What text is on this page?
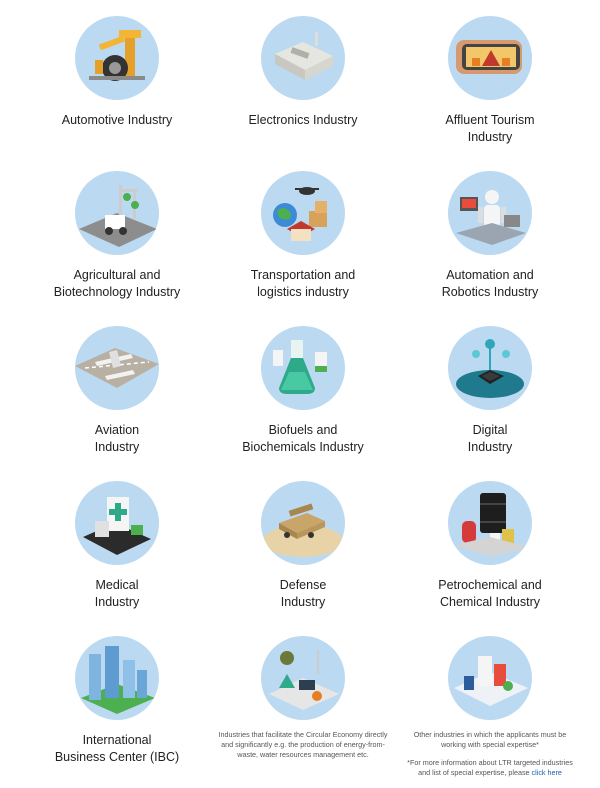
Automotive Industry	Electronics Industry	Affluent Tourism
Industry
Agricultural and
Biotechnology Industry
Transportation and
logistics industry
Automation and
Robotics Industry
Aviation
Industry
Biofuels and
Biochemicals Industry
Digital
Industry
Medical
Industry
Defense
Industry
Petrochemical and
Chemical Industry
International
Business Center (IBC)
Industries that facilitate the Circular Economy directly
and significantly e.g. the production of energy-from-
waste, water resources management etc.
Other industries in which the applicants must be
working with special expertise*
*For more information about LTR targeted industries
and list of special expertise, please click here
